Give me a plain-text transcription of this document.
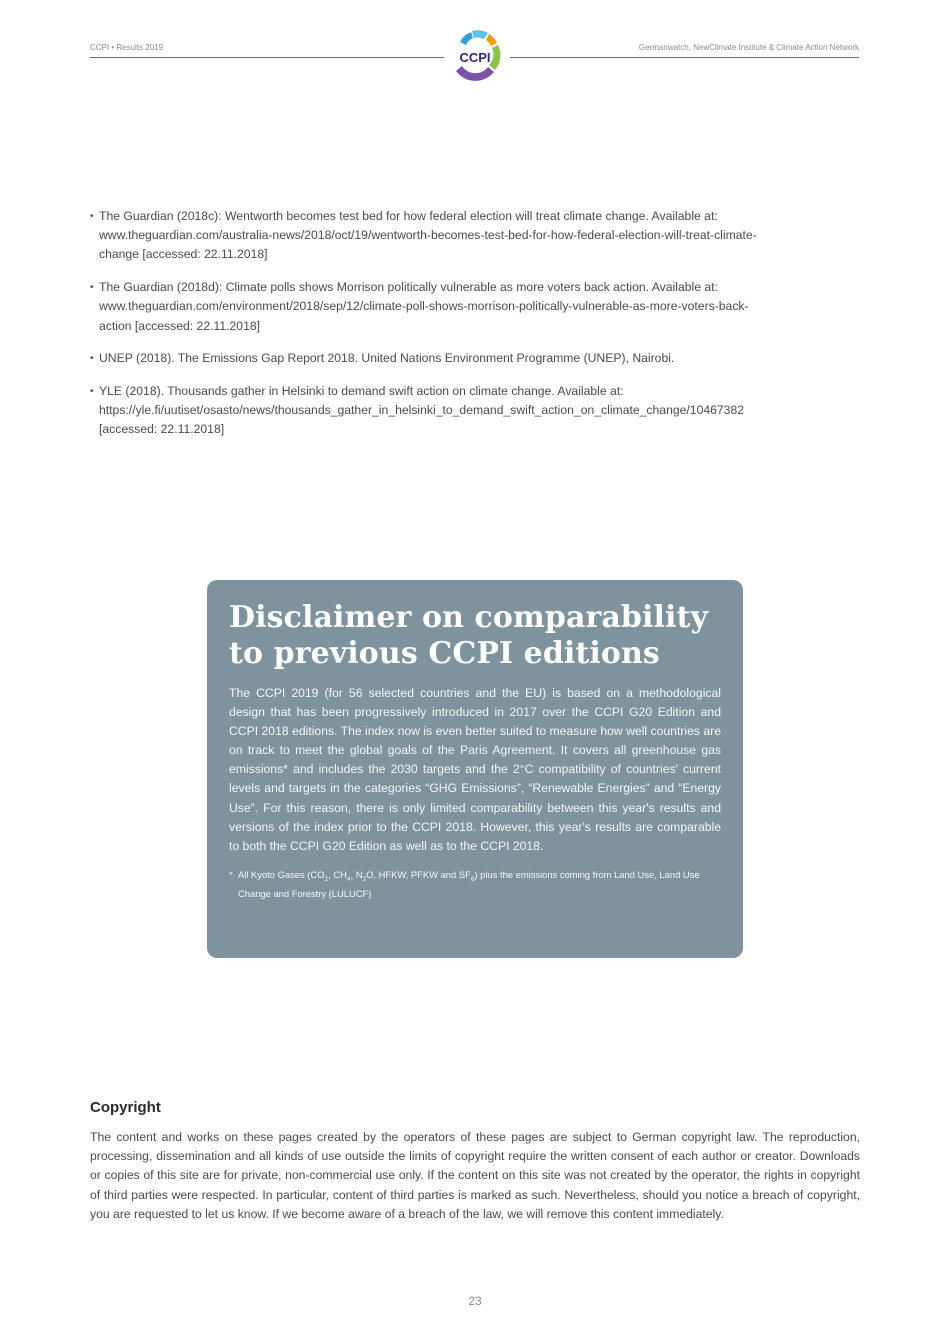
CCPI • Results 2019	Germanwatch, NewClimate Institute & Climate Action Network
CCPI
• The Guardian (2018c): Wentworth becomes test bed for how federal election will treat climate change. Available at:
www.theguardian.com/australia-news/2018/oct/19/wentworth-becomes-test-bed-for-how-federal-election-will-treat-climate-
change [accessed: 22.11.2018]
• The Guardian (2018d): Climate polls shows Morrison politically vulnerable as more voters back action. Available at:
www.theguardian.com/environment/2018/sep/12/climate-poll-shows-morrison-politically-vulnerable-as-more-voters-back-
action [accessed: 22.11.2018]
• UNEP (2018). The Emissions Gap Report 2018. United Nations Environment Programme (UNEP), Nairobi.
• YLE (2018). Thousands gather in Helsinki to demand swift action on climate change. Available at:
https://yle.fi/uutiset/osasto/news/thousands_gather_in_helsinki_to_demand_swift_action_on_climate_change/10467382
[accessed: 22.11.2018]
Disclaimer on comparability
to previous CCPI editions

The CCPI 2019 (for 56 selected countries and the EU) is based on a methodological design that has been progressively introduced in 2017 over the CCPI G20 Edition and CCPI 2018 editions. The index now is even better suited to measure how well countries are on track to meet the global goals of the Paris Agreement. It covers all greenhouse gas emissions* and includes the 2030 targets and the 2°C compatibility of countries' current levels and targets in the categories “GHG Emissions”, “Renewable Energies” and “Energy Use”. For this reason, there is only limited comparability between this year's results and versions of the index prior to the CCPI 2018. However, this year's results are comparable to both the CCPI G20 Edition as well as to the CCPI 2018.

* All Kyoto Gases ($CO_2$, $CH_4$, $N_2O$, HFKW, PFKW and $SF_6$) plus the emissions coming from Land Use, Land Use Change and Forestry (LULUCF)

Copyright

The content and works on these pages created by the operators of these pages are subject to German copyright law. The reproduction, processing, dissemination and all kinds of use outside the limits of copyright require the written consent of each author or creator. Downloads or copies of this site are for private, non-commercial use only. If the content on this site was not created by the operator, the rights in copyright of third parties were respected. In particular, content of third parties is marked as such. Nevertheless, should you notice a breach of copyright, you are requested to let us know. If we become aware of a breach of the law, we will remove this content immediately.

23
